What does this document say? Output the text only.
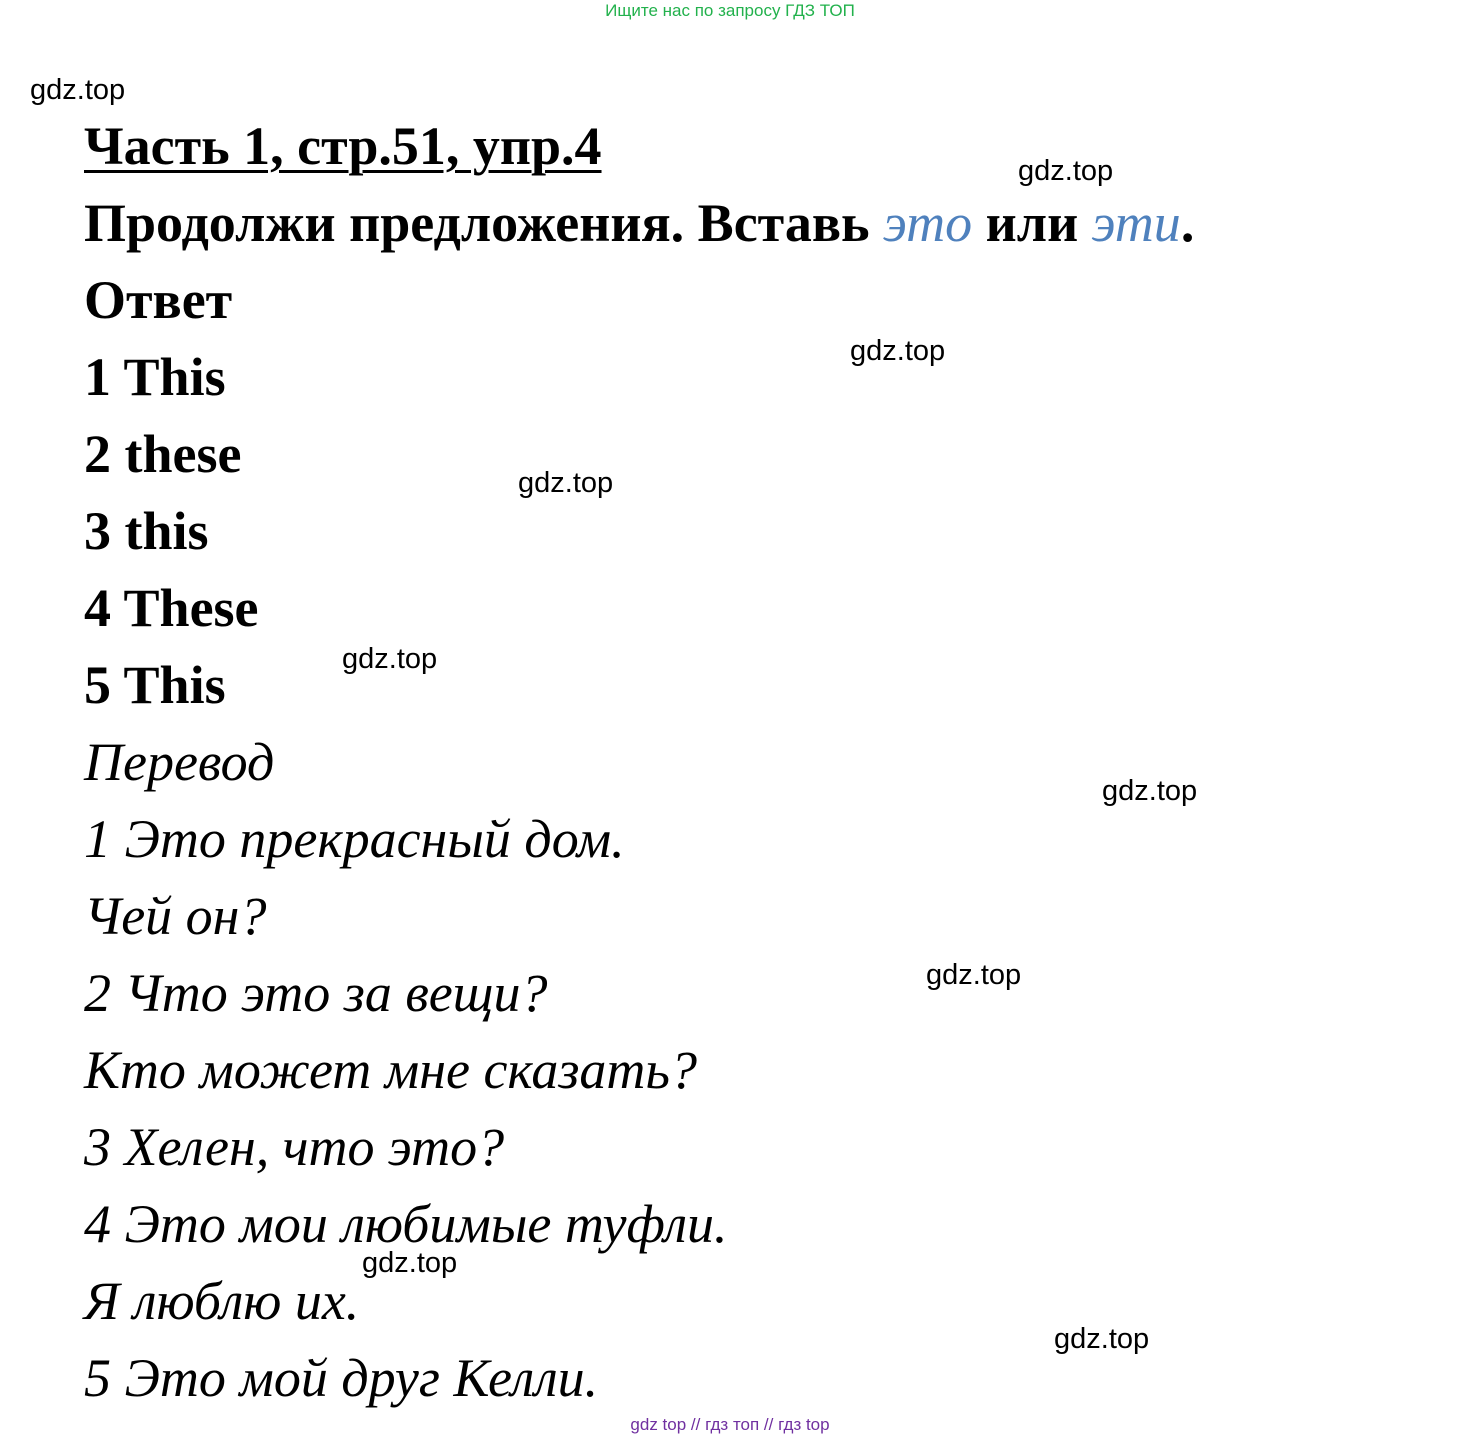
Ищите нас по запросу ГДЗ ТОП
gdz.top
gdz.top
gdz.top
gdz.top
gdz.top
gdz.top
gdz.top
gdz.top
gdz.top
Часть 1, стр.51, упр.4
Продолжи предложения. Вставь это или эти.
Ответ
1 This
2 these
3 this
4 These
5 This
Перевод
1 Это прекрасный дом.
Чей он?
2 Что это за вещи?
Кто может мне сказать?
3 Хелен, что это?
4 Это мои любимые туфли.
Я люблю их.
5 Это мой друг Келли.
gdz top // гдз топ // гдз top
